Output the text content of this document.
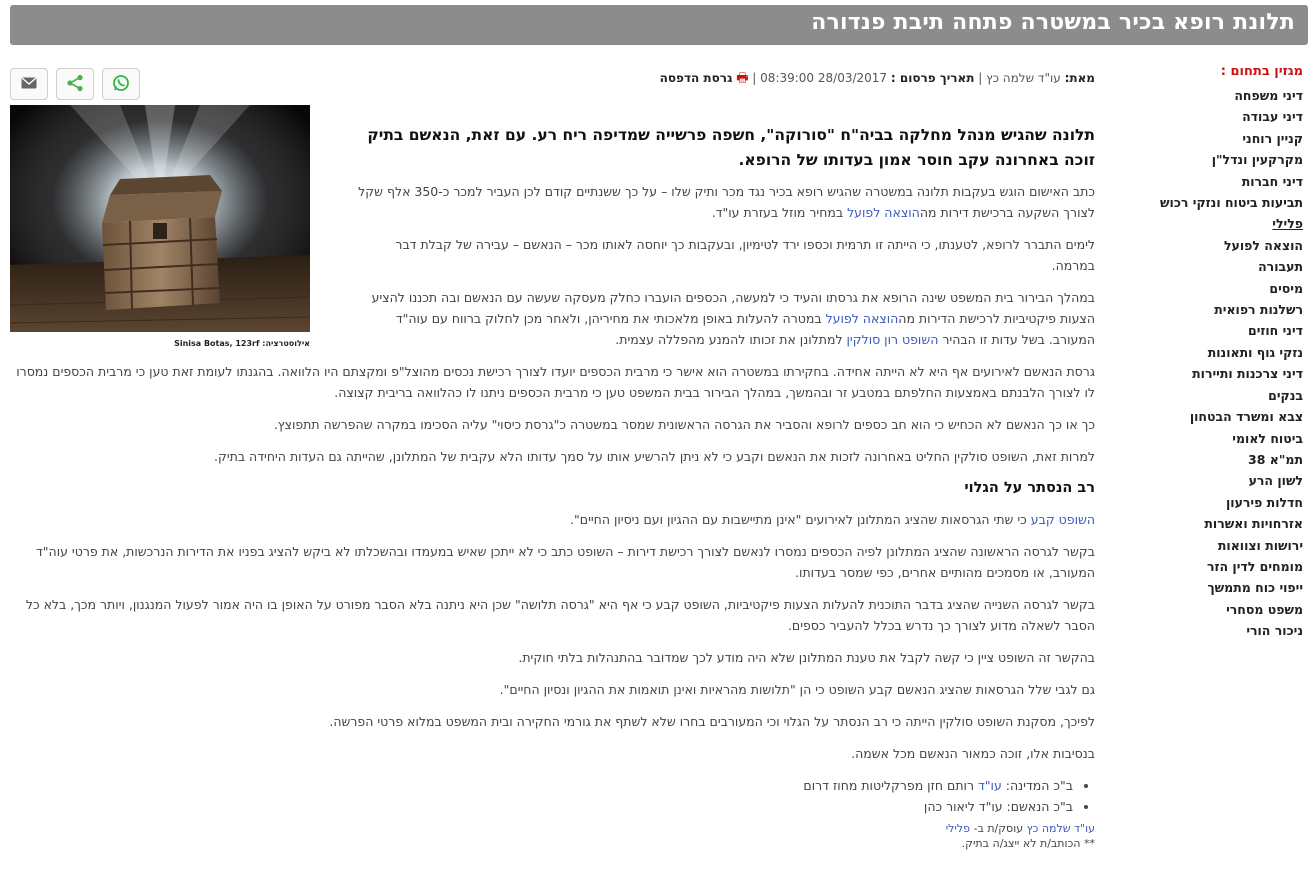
תלונת רופא בכיר במשטרה פתחה תיבת פנדורה
מגזין בתחום :
דיני משפחה
דיני עבודה
קניין רוחני
מקרקעין ונדל"ן
דיני חברות
תביעות ביטוח ונזקי רכוש
פלילי
הוצאה לפועל
תעבורה
מיסים
רשלנות רפואית
דיני חוזים
נזקי גוף ותאונות
דיני צרכנות ותיירות
בנקים
צבא ומשרד הבטחון
ביטוח לאומי
תמ"א 38
לשון הרע
חדלות פירעון
אזרחויות ואשרות
ירושות וצוואות
מומחים לדין הזר
ייפוי כוח מתמשך
משפט מסחרי
ניכור הורי
מאת: עו"ד שלמה כץ | תאריך פרסום : 28/03/2017 08:39:00 | 🖶 גרסת הדפסה
אילוסטרציה: Sinisa Botas, 123rf

תלונה שהגיש מנהל מחלקה בביה"ח "סורוקה", חשפה פרשייה שמדיפה ריח רע. עם זאת, הנאשם בתיק זוכה באחרונה עקב חוסר אמון בעדותו של הרופא.

כתב האישום הוגש בעקבות תלונה במשטרה שהגיש רופא בכיר נגד מכר ותיק שלו – על כך ששנתיים קודם לכן העביר למכר כ-350 אלף שקל לצורך השקעה ברכישת דירות מההוצאה לפועל במחיר מוזל בעזרת עו"ד.

לימים התברר לרופא, לטענתו, כי הייתה זו תרמית וכספו ירד לטימיון, ובעקבות כך יוחסה לאותו מכר – הנאשם – עבירה של קבלת דבר במרמה.

במהלך הבירור בית המשפט שינה הרופא את גרסתו והעיד כי למעשה, הכספים הועברו כחלק מעסקה שעשה עם הנאשם ובה תכננו להציע הצעות פיקטיביות לרכישת הדירות מההוצאה לפועל במטרה להעלות באופן מלאכותי את מחיריהן, ולאחר מכן לחלוק ברווח עם עוה"ד המעורב. בשל עדות זו הבהיר השופט רון סולקין למתלונן את זכותו להמנע מהפללה עצמית.

גרסת הנאשם לאירועים אף היא לא הייתה אחידה. בחקירתו במשטרה הוא אישר כי מרבית הכספים יועדו לצורך רכישת נכסים מהוצל"פ ומקצתם היו הלוואה. בהגנתו לעומת זאת טען כי מרבית הכספים נמסרו לו לצורך הלבנתם באמצעות החלפתם במטבע זר ובהמשך, במהלך הבירור בבית המשפט טען כי מרבית הכספים ניתנו לו כהלוואה בריבית קצוצה.

כך או כך הנאשם לא הכחיש כי הוא חב כספים לרופא והסביר את הגרסה הראשונית שמסר במשטרה כ"גרסת כיסוי" עליה הסכימו במקרה שהפרשה תתפוצץ.

למרות זאת, השופט סולקין החליט באחרונה לזכות את הנאשם וקבע כי לא ניתן להרשיע אותו על סמך עדותו הלא עקבית של המתלונן, שהייתה גם העדות היחידה בתיק.

רב הנסתר על הגלוי

השופט קבע כי שתי הגרסאות שהציג המתלונן לאירועים "אינן מתיישבות עם ההגיון ועם ניסיון החיים".

בקשר לגרסה הראשונה שהציג המתלונן לפיה הכספים נמסרו לנאשם לצורך רכישת דירות – השופט כתב כי לא ייתכן שאיש במעמדו ובהשכלתו לא ביקש להציג בפניו את הדירות הנרכשות, את פרטי עוה"ד המעורב, או מסמכים מהותיים אחרים, כפי שמסר בעדותו.

בקשר לגרסה השנייה שהציג בדבר התוכנית להעלות הצעות פיקטיביות, השופט קבע כי אף היא "גרסה תלושה" שכן היא ניתנה בלא הסבר מפורט על האופן בו היה אמור לפעול המנגנון, ויותר מכך, בלא כל הסבר לשאלה מדוע לצורך כך נדרש בכלל להעביר כספים.

בהקשר זה השופט ציין כי קשה לקבל את טענת המתלונן שלא היה מודע לכך שמדובר בהתנהלות בלתי חוקית.

גם לגבי שלל הגרסאות שהציג הנאשם קבע השופט כי הן "תלושות מהראיות ואינן תואמות את ההגיון ונסיון החיים".

לפיכך, מסקנת השופט סולקין הייתה כי רב הנסתר על הגלוי וכי המעורבים בחרו שלא לשתף את גורמי החקירה ובית המשפט במלוא פרטי הפרשה.

בנסיבות אלו, זוכה כמאור הנאשם מכל אשמה.

• ב"כ המדינה: עו"ד רותם חזן מפרקליטות מחוז דרום
• ב"כ הנאשם: עו"ד ליאור כהן
עו"ד שלמה כץ עוסק/ת ב- פלילי
** הכותב/ת לא ייצג/ה בתיק.
